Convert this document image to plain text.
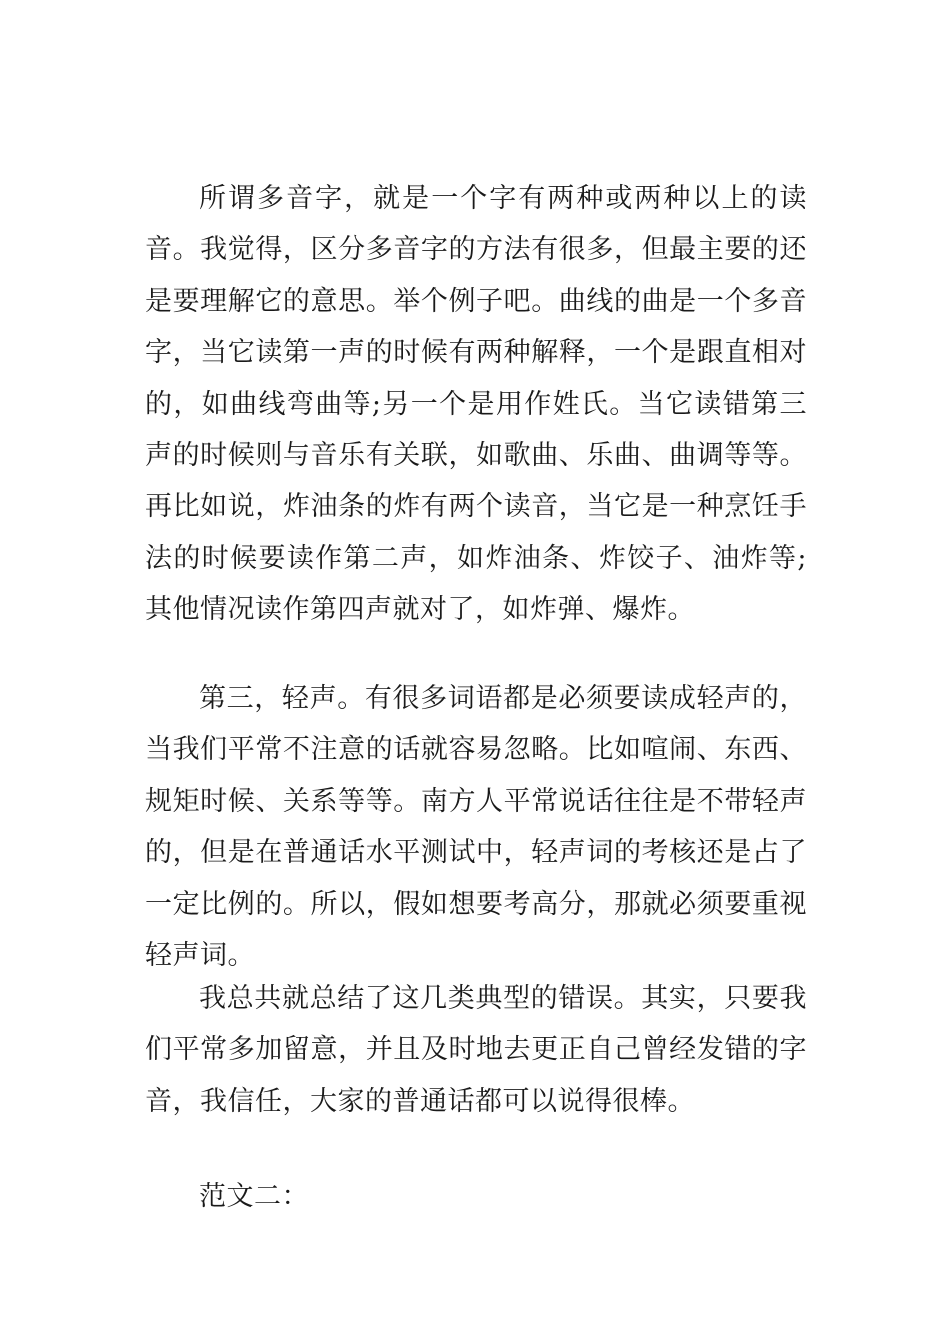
所谓多音字，就是一个字有两种或两种以上的读音。我觉得，区分多音字的方法有很多，但最主要的还是要理解它的意思。举个例子吧。曲线的曲是一个多音字，当它读第一声的时候有两种解释，一个是跟直相对的，如曲线弯曲等;另一个是用作姓氏。当它读错第三声的时候则与音乐有关联，如歌曲、乐曲、曲调等等。再比如说，炸油条的炸有两个读音，当它是一种烹饪手法的时候要读作第二声，如炸油条、炸饺子、油炸等;其他情况读作第四声就对了，如炸弹、爆炸。

第三，轻声。有很多词语都是必须要读成轻声的，当我们平常不注意的话就容易忽略。比如喧闹、东西、规矩时候、关系等等。南方人平常说话往往是不带轻声的，但是在普通话水平测试中，轻声词的考核还是占了一定比例的。所以，假如想要考高分，那就必须要重视轻声词。

我总共就总结了这几类典型的错误。其实，只要我们平常多加留意，并且及时地去更正自己曾经发错的字音，我信任，大家的普通话都可以说得很棒。

范文二：
